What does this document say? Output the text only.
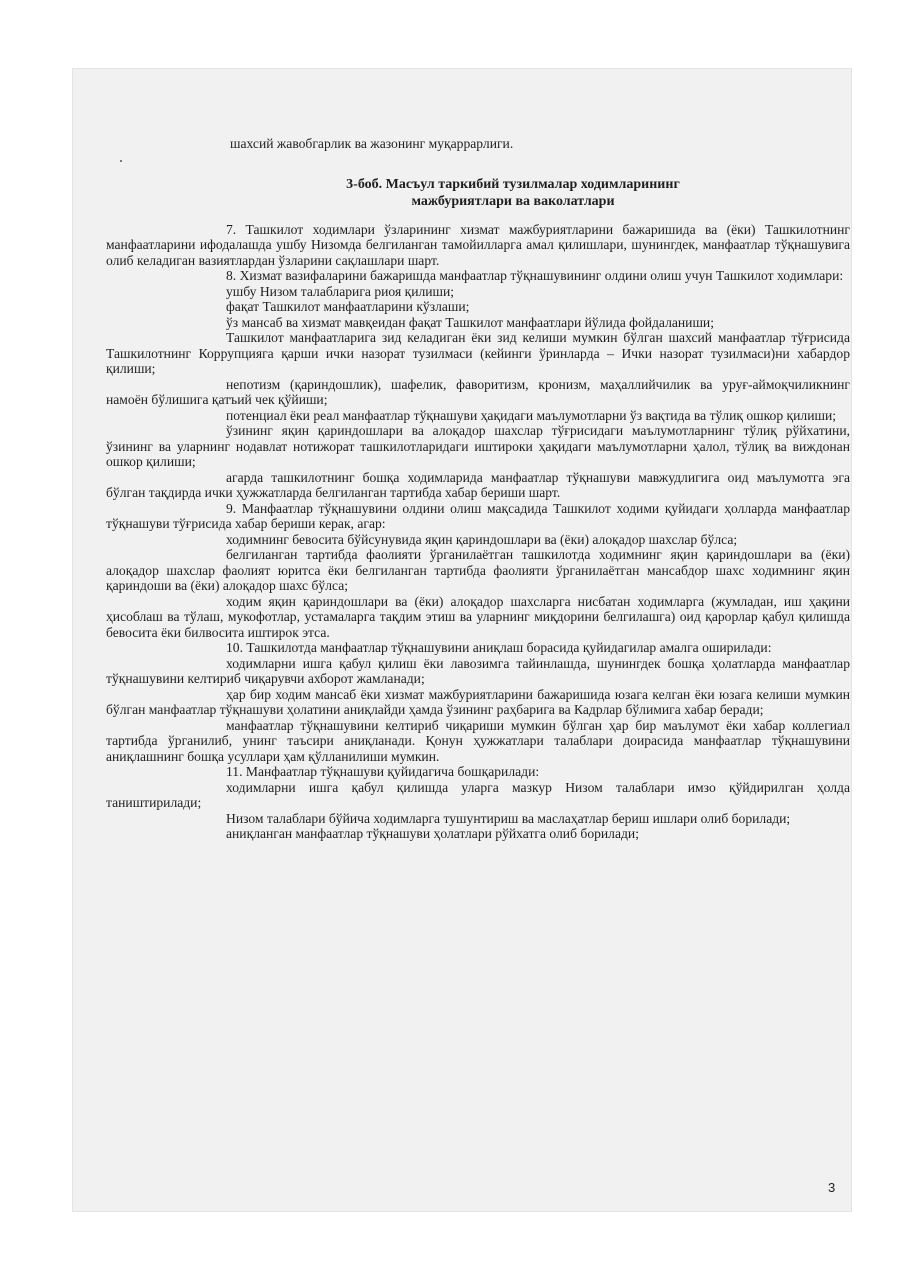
шахсий жавобгарлик ва жазонинг муқаррарлиги.

3-боб. Масъул таркибий тузилмалар ходимларининг
мажбуриятлари ва ваколатлари

7. Ташкилот ходимлари ўзларининг хизмат мажбуриятларини бажаришида ва (ёки) Ташкилотнинг манфаатларини ифодалашда ушбу Низомда белгиланган тамойилларга амал қилишлари, шунингдек, манфаатлар тўқнашувига олиб келадиган вазиятлардан ўзларини сақлашлари шарт.

8. Хизмат вазифаларини бажаришда манфаатлар тўқнашувининг олдини олиш учун Ташкилот ходимлари:

ушбу Низом талабларига риоя қилиши;

фақат Ташкилот манфаатларини кўзлаши;

ўз мансаб ва хизмат мавқеидан фақат Ташкилот манфаатлари йўлида фойдаланиши;

Ташкилот манфаатларига зид келадиган ёки зид келиши мумкин бўлган шахсий манфаатлар тўғрисида Ташкилотнинг Коррупцияга қарши ички назорат тузилмаси (кейинги ўринларда – Ички назорат тузилмаси)ни хабардор қилиши;

непотизм (қариндошлик), шафелик, фаворитизм, кронизм, маҳаллийчилик ва уруғ-аймоқчиликнинг намоён бўлишига қатъий чек қўйиши;

потенциал ёки реал манфаатлар тўқнашуви ҳақидаги маълумотларни ўз вақтида ва тўлиқ ошкор қилиши;

ўзининг яқин қариндошлари ва алоқадор шахслар тўғрисидаги маълумотларнинг тўлиқ рўйхатини, ўзининг ва уларнинг нодавлат нотижорат ташкилотларидаги иштироки ҳақидаги маълумотларни ҳалол, тўлиқ ва виждонан ошкор қилиши;

агарда ташкилотнинг бошқа ходимларида манфаатлар тўқнашуви мавжудлигига оид маълумотга эга бўлган тақдирда ички ҳужжатларда белгиланган тартибда хабар бериши шарт.

9. Манфаатлар тўқнашувини олдини олиш мақсадида Ташкилот ходими қуйидаги ҳолларда манфаатлар тўқнашуви тўғрисида хабар бериши керак, агар:

ходимнинг бевосита бўйсунувида яқин қариндошлари ва (ёки) алоқадор шахслар бўлса;

белгиланган тартибда фаолияти ўрганилаётган ташкилотда ходимнинг яқин қариндошлари ва (ёки) алоқадор шахслар фаолият юритса ёки белгиланган тартибда фаолияти ўрганилаётган мансабдор шахс ходимнинг яқин қариндоши ва (ёки) алоқадор шахс бўлса;

ходим яқин қариндошлари ва (ёки) алоқадор шахсларга нисбатан ходимларга (жумладан, иш ҳақини ҳисоблаш ва тўлаш, мукофотлар, устамаларга тақдим этиш ва уларнинг миқдорини белгилашга) оид қарорлар қабул қилишда бевосита ёки билвосита иштирок этса.

10. Ташкилотда манфаатлар тўқнашувини аниқлаш борасида қуйидагилар амалга оширилади:

ходимларни ишга қабул қилиш ёки лавозимга тайинлашда, шунингдек бошқа ҳолатларда манфаатлар тўқнашувини келтириб чиқарувчи ахборот жамланади;

ҳар бир ходим мансаб ёки хизмат мажбуриятларини бажаришида юзага келган ёки юзага келиши мумкин бўлган манфаатлар тўқнашуви ҳолатини аниқлайди ҳамда ўзининг раҳбарига ва Кадрлар бўлимига хабар беради;

манфаатлар тўқнашувини келтириб чиқариши мумкин бўлган ҳар бир маълумот ёки хабар коллегиал тартибда ўрганилиб, унинг таъсири аниқланади. Қонун ҳужжатлари талаблари доирасида манфаатлар тўқнашувини аниқлашнинг бошқа усуллари ҳам қўлланилиши мумкин.

11. Манфаатлар тўқнашуви қуйидагича бошқарилади:

ходимларни ишга қабул қилишда уларга мазкур Низом талаблари имзо қўйдирилган ҳолда таништирилади;

Низом талаблари бўйича ходимларга тушунтириш ва маслаҳатлар бериш ишлари олиб борилади;

аниқланган манфаатлар тўқнашуви ҳолатлари рўйхатга олиб борилади;

3
